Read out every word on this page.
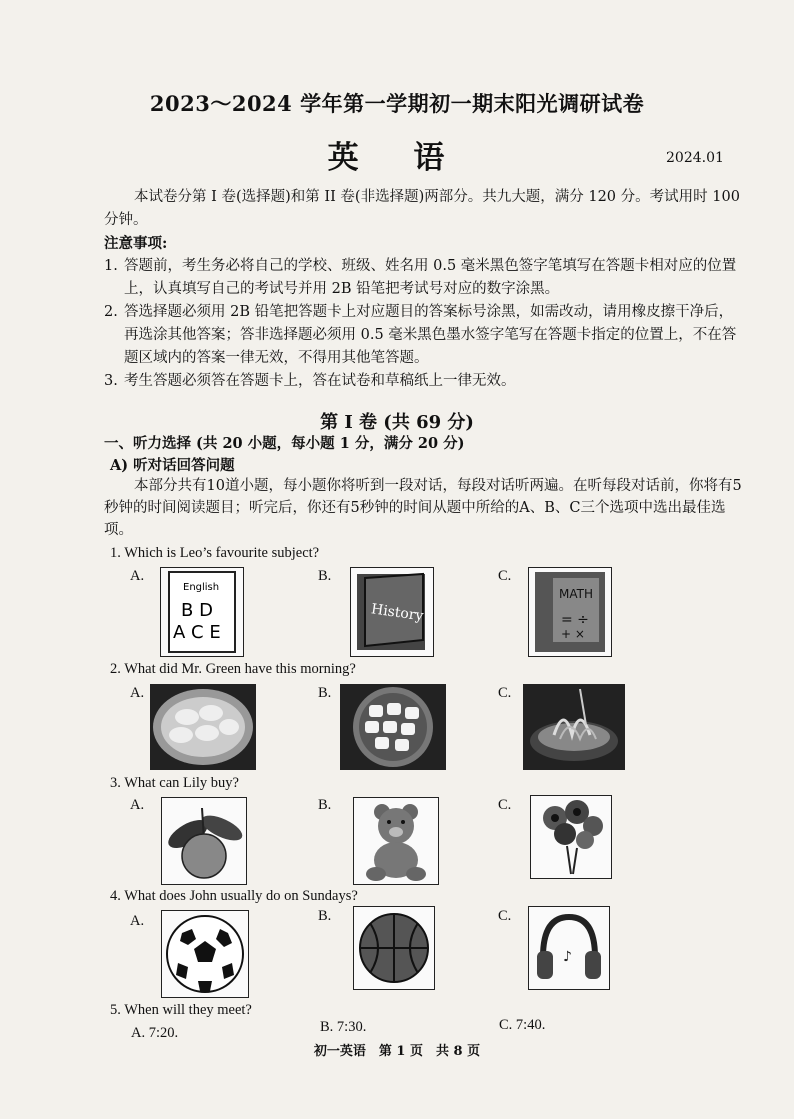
2023～2024 学年第一学期初一期末阳光调研试卷
英 语	2024.01
本试卷分第 I 卷(选择题)和第 II 卷(非选择题)两部分。共九大题，满分 120 分。考试用时 100 分钟。
注意事项:
1. 答题前，考生务必将自己的学校、班级、姓名用 0.5 毫米黑色签字笔填写在答题卡相对应的位置上，认真填写自己的考试号并用 2B 铅笔把考试号对应的数字涂黑。
2. 答选择题必须用 2B 铅笔把答题卡上对应题目的答案标号涂黑，如需改动，请用橡皮擦干净后，再选涂其他答案；答非选择题必须用 0.5 毫米黑色墨水签字笔写在答题卡指定的位置上，不在答题区域内的答案一律无效，不得用其他笔答题。
3. 考生答题必须答在答题卡上，答在试卷和草稿纸上一律无效。
第 I 卷 (共 69 分)
一、听力选择 (共 20 小题，每小题 1 分，满分 20 分)
A) 听对话回答问题
本部分共有10道小题，每小题你将听到一段对话，每段对话听两遍。在听每段对话前，你将有5秒钟的时间阅读题目；听完后，你还有5秒钟的时间从题中所给的A、B、C三个选项中选出最佳选项。
1. Which is Leo’s favourite subject?
A.	B.	C.
English
B D
A C E
History
MATH
= ÷
+ ×
2. What did Mr. Green have this morning?
A.	B.	C.
3. What can Lily buy?
A.	B.	C.
4. What does John usually do on Sundays?
A.	B.	C.
♪
5. When will they meet?
A. 7:20.	B. 7:30.	C. 7:40.
初一英语　第 1 页　共 8 页
